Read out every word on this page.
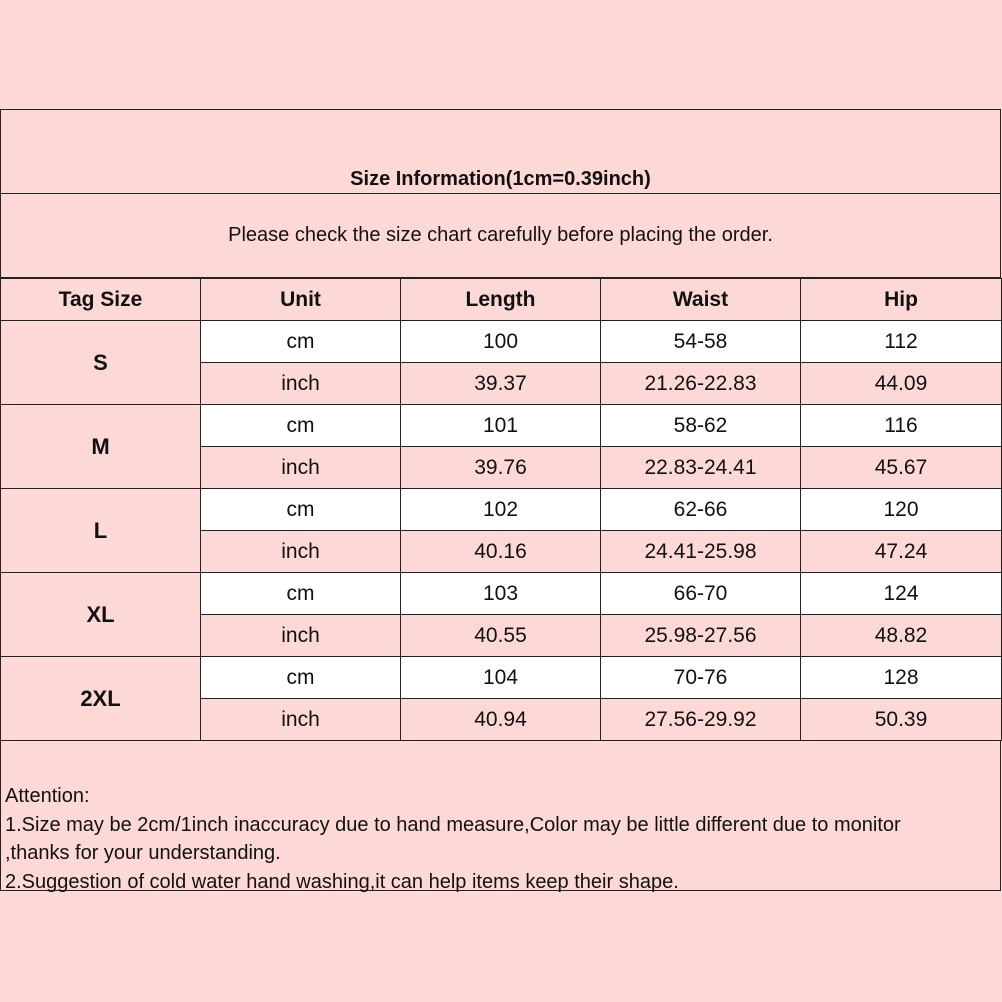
Size Information(1cm=0.39inch)
Please check the size chart carefully before placing the order.
Tag Size	Unit	Length	Waist	Hip
S	cm	100	54-58	112
	inch	39.37	21.26-22.83	44.09
M	cm	101	58-62	116
	inch	39.76	22.83-24.41	45.67
L	cm	102	62-66	120
	inch	40.16	24.41-25.98	47.24
XL	cm	103	66-70	124
	inch	40.55	25.98-27.56	48.82
2XL	cm	104	70-76	128
	inch	40.94	27.56-29.92	50.39
Attention:
1.Size may be 2cm/1inch inaccuracy due to hand measure,Color may be little different due to monitor
,thanks for your understanding.
2.Suggestion of cold water hand washing,it can help items keep their shape.
